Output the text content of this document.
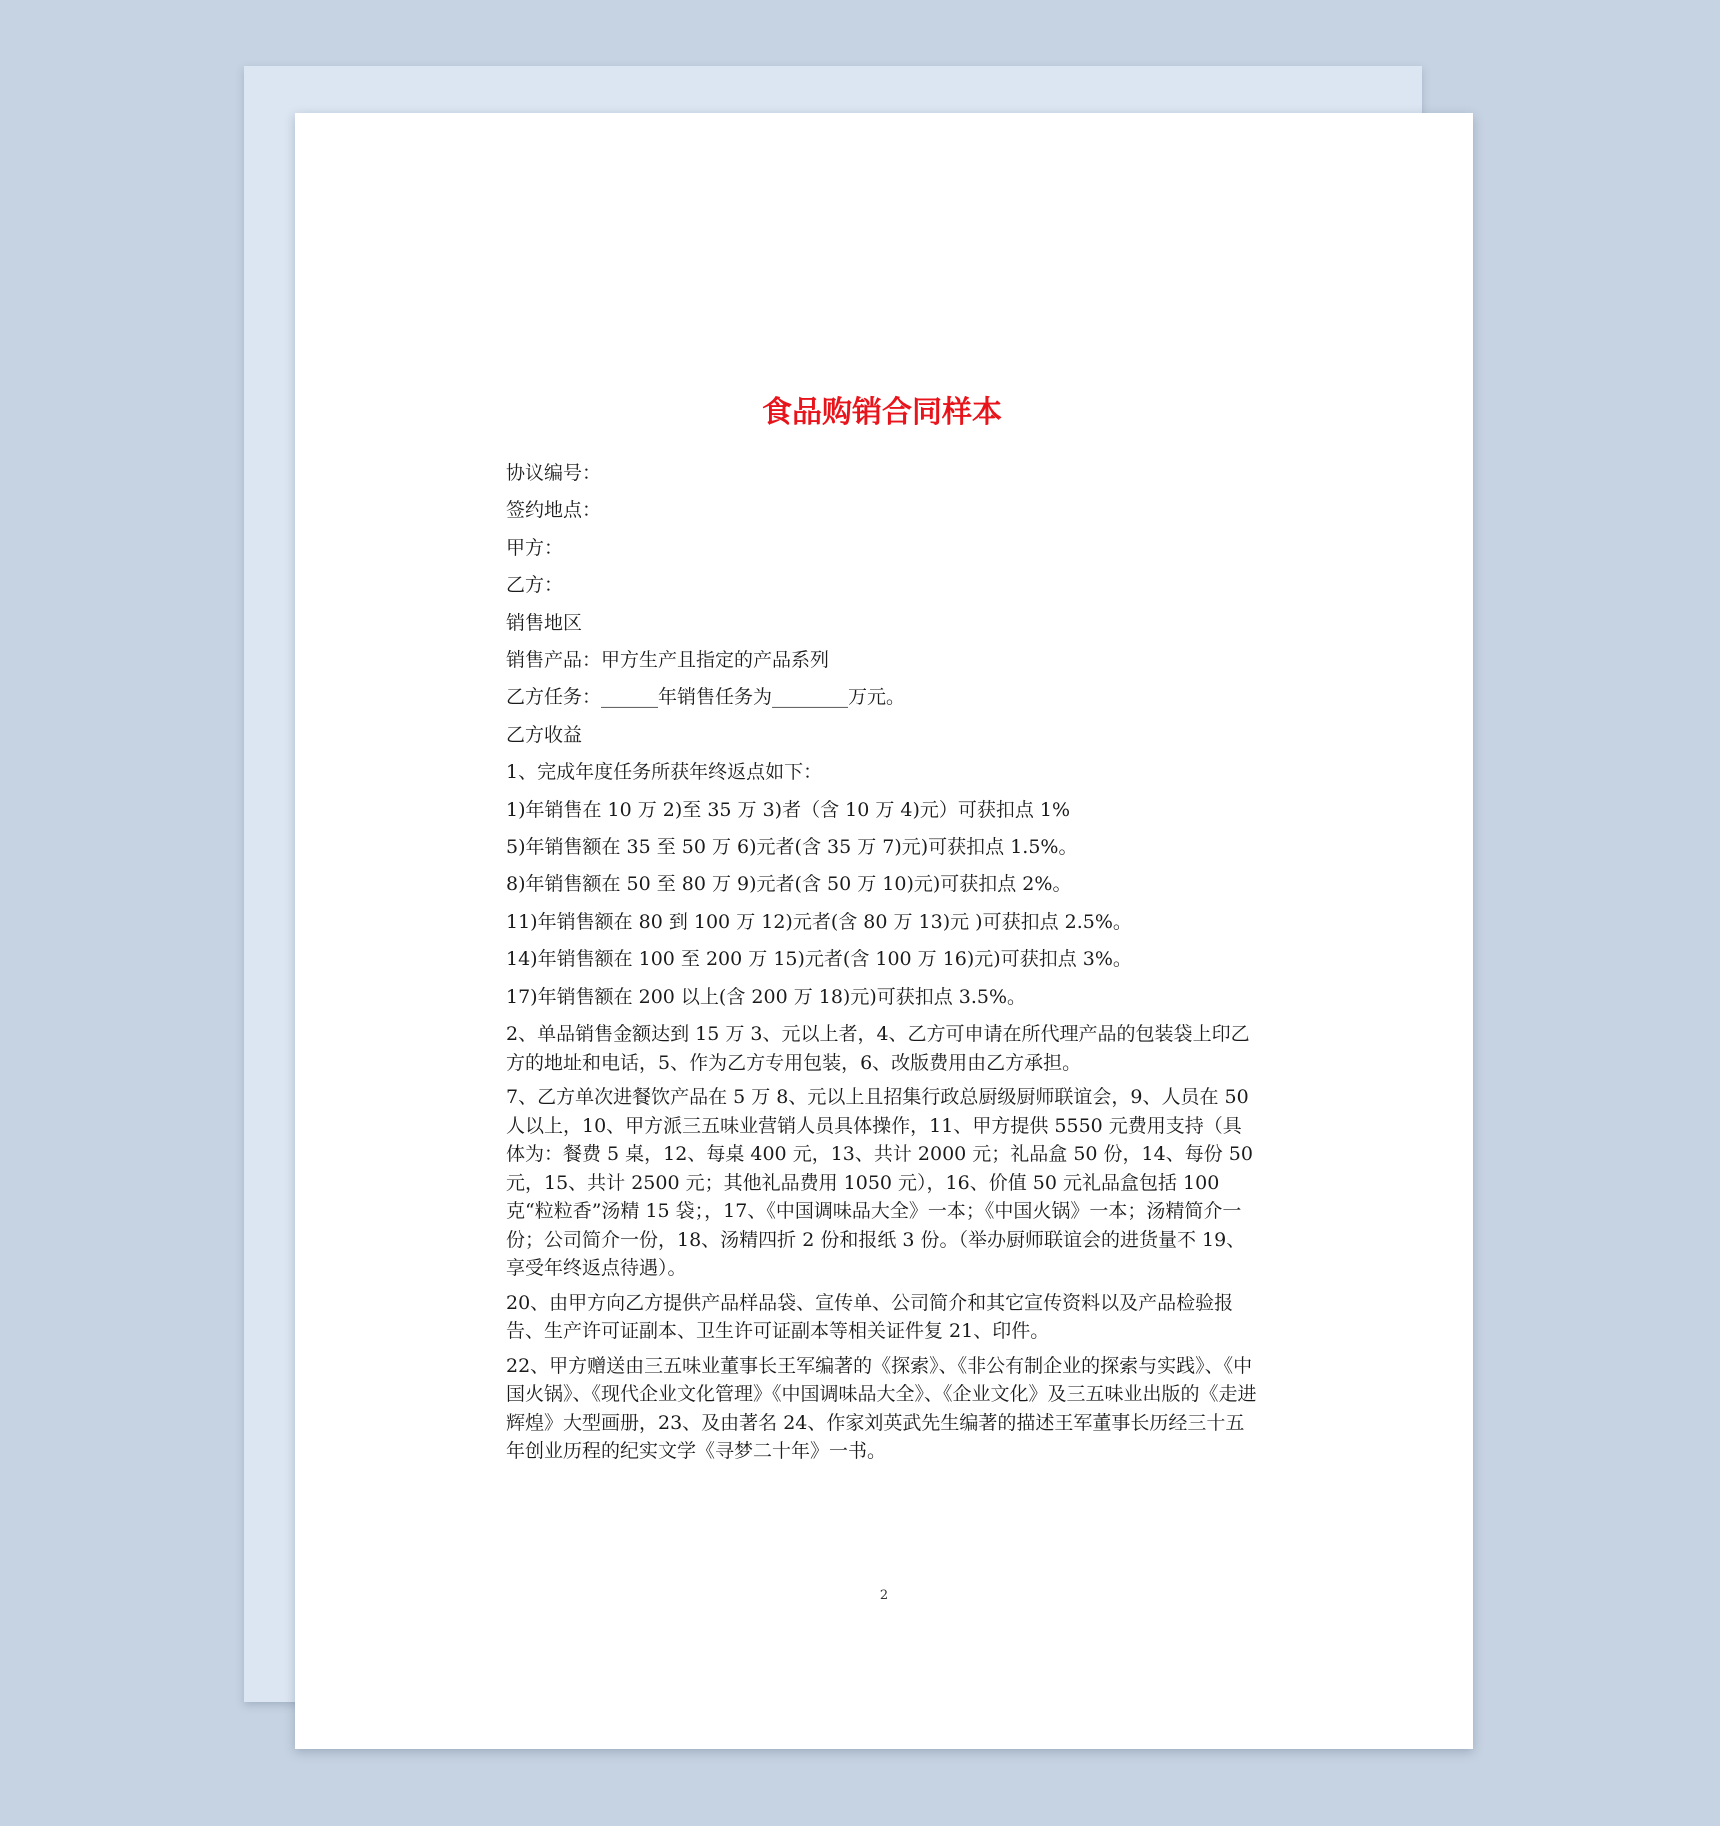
食品购销合同样本
协议编号：
签约地点：
甲方：
乙方：
销售地区
销售产品：甲方生产且指定的产品系列
乙方任务：______年销售任务为________万元。
乙方收益
1、完成年度任务所获年终返点如下：
1)年销售在 10 万 2)至 35 万 3)者（含 10 万 4)元）可获扣点 1%
5)年销售额在 35 至 50 万 6)元者(含 35 万 7)元)可获扣点 1.5%。
8)年销售额在 50 至 80 万 9)元者(含 50 万 10)元)可获扣点 2%。
11)年销售额在 80 到 100 万 12)元者(含 80 万 13)元 )可获扣点 2.5%。
14)年销售额在 100 至 200 万 15)元者(含 100 万 16)元)可获扣点 3%。
17)年销售额在 200 以上(含 200 万 18)元)可获扣点 3.5%。
2、单品销售金额达到 15 万 3、元以上者，4、乙方可申请在所代理产品的包装袋上印乙方的地址和电话，5、作为乙方专用包装，6、改版费用由乙方承担。
7、乙方单次进餐饮产品在 5 万 8、元以上且招集行政总厨级厨师联谊会，9、人员在 50 人以上，10、甲方派三五味业营销人员具体操作，11、甲方提供 5550 元费用支持（具体为：餐费 5 桌，12、每桌 400 元，13、共计 2000 元；礼品盒 50 份，14、每份 50 元，15、共计 2500 元；其他礼品费用 1050 元），16、价值 50 元礼品盒包括 100 克“粒粒香”汤精 15 袋；，17、《中国调味品大全》一本；《中国火锅》一本；汤精简介一份；公司简介一份，18、汤精四折 2 份和报纸 3 份。（举办厨师联谊会的进货量不 19、享受年终返点待遇）。
20、由甲方向乙方提供产品样品袋、宣传单、公司简介和其它宣传资料以及产品检验报告、生产许可证副本、卫生许可证副本等相关证件复 21、印件。
22、甲方赠送由三五味业董事长王军编著的《探索》、《非公有制企业的探索与实践》、《中国火锅》、《现代企业文化管理》《中国调味品大全》、《企业文化》及三五味业出版的《走进辉煌》大型画册，23、及由著名 24、作家刘英武先生编著的描述王军董事长历经三十五年创业历程的纪实文学《寻梦二十年》一书。
2
